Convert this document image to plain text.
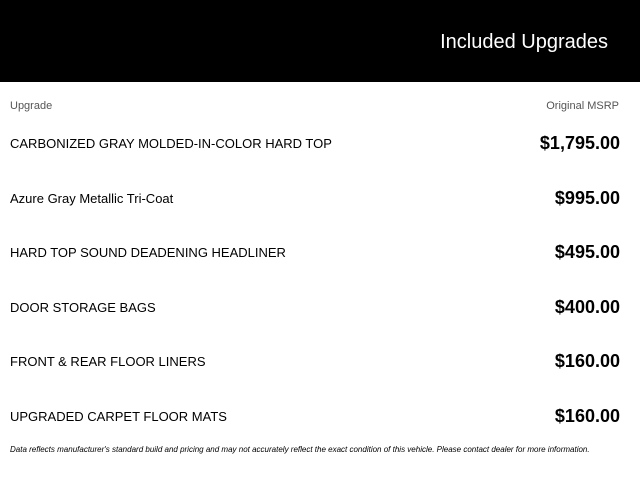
Included Upgrades
Upgrade	Original MSRP
CARBONIZED GRAY MOLDED-IN-COLOR HARD TOP	$1,795.00
Azure Gray Metallic Tri-Coat	$995.00
HARD TOP SOUND DEADENING HEADLINER	$495.00
DOOR STORAGE BAGS	$400.00
FRONT & REAR FLOOR LINERS	$160.00
UPGRADED CARPET FLOOR MATS	$160.00
Data reflects manufacturer's standard build and pricing and may not accurately reflect the exact condition of this vehicle. Please contact dealer for more information.
